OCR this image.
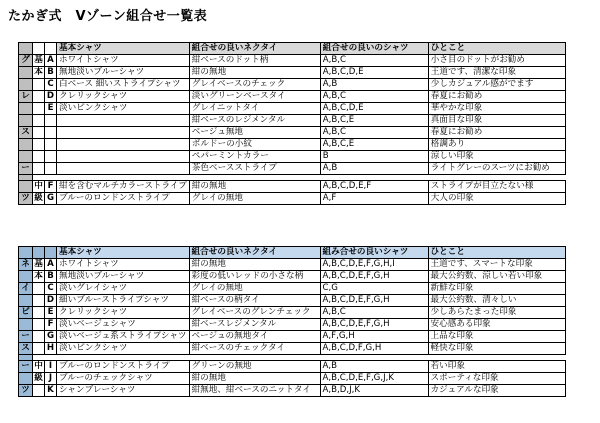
たかぎ式　Vゾーン組合せ一覧表
			基本シャツ	組合せの良いネクタイ	組合せの良いのシャツ	ひとこと
グ	基	A	ホワイトシャツ	紺ベースのドット柄	A,B,C	小さ目のドットがお勧め
	本	B	無地淡いブルーシャツ	紺の無地	A,B,C,D,E	王道です、清潔な印象
		C	白ベース 細いストライプシャツ	グレイベースのチェック	A,B	少しカジュアル感がでます
レ		D	クレリックシャツ	淡いグリーンベースタイ	A,B,C	春夏にお勧め
		E	淡いピンクシャツ	グレイニットタイ	A,B,C,D,E	華やかな印象
				紺ベースのレジメンタル	A,B,C,E	真面目な印象
ス				ベージュ無地	A,B,C	春夏にお勧め
				ボルドーの小紋	A,B,C,E	格調あり
				ペパーミントカラー	B	涼しい印象
ー				茶色ベースストライプ	A,B	ライトグレーのスーツにお勧め

	中	F	紺を含むマルチカラーストライプ	紺の無地	A,B,C,D,E,F	ストライプが目立たない様
ツ	級	G	ブルーのロンドンストライプ	グレイの無地	A,F	大人の印象
			基本シャツ	組合せの良いネクタイ	組み合せの良いシャツ	ひとこと
ネ	基	A	ホワイトシャツ	紺の無地	A,B,C,D,E,F,G,H,I	王道です、スマートな印象
	本	B	無地淡いブルーシャツ	彩度の低いレッドの小さな柄	A,B,C,D,E,F,G,H	最大公約数、涼しい若い印象
イ		C	淡いグレイシャツ	グレイの無地	C,G	新鮮な印象
		D	細いブルーストライプシャツ	紺ベースの柄タイ	A,B,C,D,E,F,G,H	最大公約数、清々しい
ビ		E	クレリックシャツ	グレイベースのグレンチェック	A,B,C	少しあらたまった印象
		F	淡いベージュシャツ	紺ベースレジメンタル	A,B,C,D,E,F,G,H	安心感ある印象
ー		G	淡いベージュ系ストライプシャツ	ベージュの無地タイ	A,F,G,H	上品な印象
ス		H	淡いピンクシャツ	紺ベースのチェックタイ	A,B,C,D,F,G,H	軽快な印象

ー	中	I	ブルーのロンドンストライプ	グリーンの無地	A,B	若い印象
	級	J	ブルーのチェックシャツ	紺の無地	A,B,C,D,E,F,G,J,K	スポーティな印象
ツ		K	シャンブレーシャツ	紺無地、紺ベースのニットタイ	A,B,D,J,K	カジュアルな印象
